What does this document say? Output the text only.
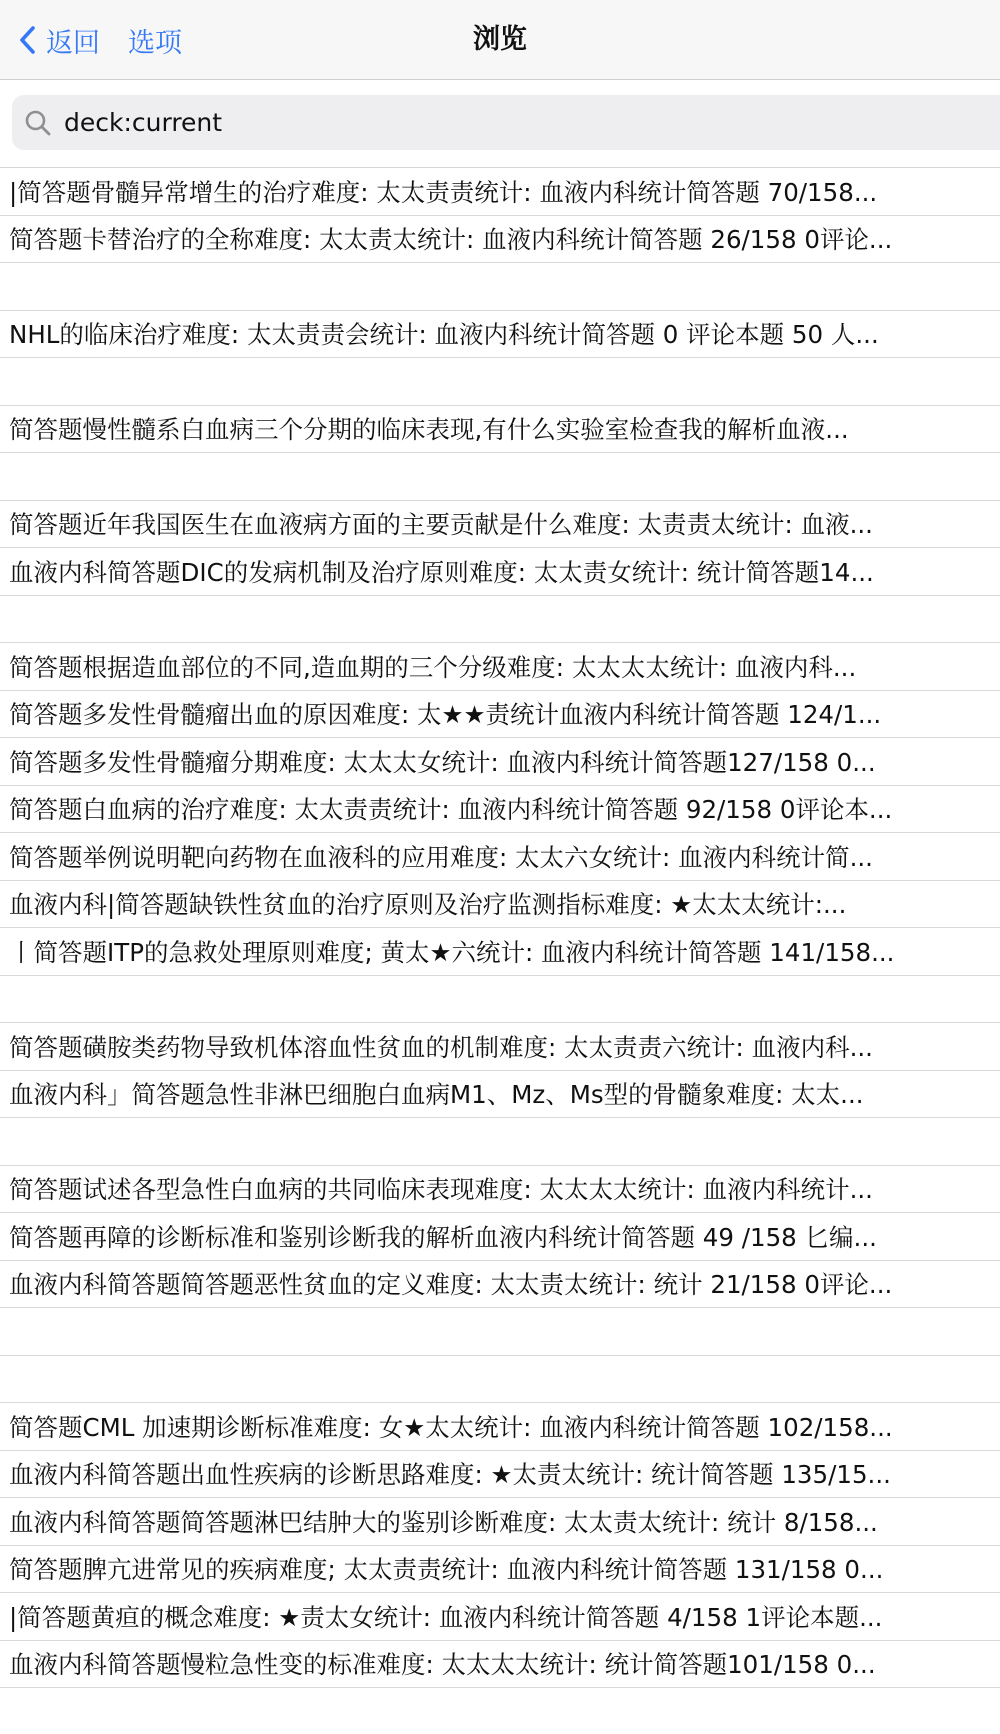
返回 选项	浏览
deck:current
|简答题骨髓异常增生的治疗难度: 太太责责统计: 血液内科统计简答题 70/158...
简答题卡替治疗的全称难度: 太太责太统计: 血液内科统计简答题 26/158 0评论...
NHL的临床治疗难度: 太太责责会统计: 血液内科统计简答题 0 评论本题 50 人...
简答题慢性髓系白血病三个分期的临床表现,有什么实验室检查我的解析血液...
简答题近年我国医生在血液病方面的主要贡献是什么难度: 太责责太统计: 血液...
血液内科简答题DIC的发病机制及治疗原则难度: 太太责女统计: 统计简答题14...
简答题根据造血部位的不同,造血期的三个分级难度: 太太太太统计: 血液内科...
简答题多发性骨髓瘤出血的原因难度: 太★★责统计血液内科统计简答题 124/1...
简答题多发性骨髓瘤分期难度: 太太太女统计: 血液内科统计简答题127/158 0...
简答题白血病的治疗难度: 太太责责统计: 血液内科统计简答题 92/158 0评论本...
简答题举例说明靶向药物在血液科的应用难度: 太太六女统计: 血液内科统计简...
血液内科|简答题缺铁性贫血的治疗原则及治疗监测指标难度: ★太太太统计:...
丨简答题ITP的急救处理原则难度; 黄太★六统计: 血液内科统计简答题 141/158...
简答题磺胺类药物导致机体溶血性贫血的机制难度: 太太责责六统计: 血液内科...
血液内科」简答题急性非淋巴细胞白血病M1、Mz、Ms型的骨髓象难度: 太太...
简答题试述各型急性白血病的共同临床表现难度: 太太太太统计: 血液内科统计...
简答题再障的诊断标准和鉴别诊断我的解析血液内科统计简答题 49 /158 匕编...
血液内科简答题简答题恶性贫血的定义难度: 太太责太统计: 统计 21/158 0评论...
简答题CML 加速期诊断标准难度: 女★太太统计: 血液内科统计简答题 102/158...
血液内科简答题出血性疾病的诊断思路难度: ★太责太统计: 统计简答题 135/15...
血液内科简答题简答题淋巴结肿大的鉴别诊断难度: 太太责太统计: 统计 8/158...
简答题脾亢进常见的疾病难度; 太太责责统计: 血液内科统计简答题 131/158 0...
|简答题黄疸的概念难度: ★责太女统计: 血液内科统计简答题 4/158 1评论本题...
血液内科简答题慢粒急性变的标准难度: 太太太太统计: 统计简答题101/158 0...
